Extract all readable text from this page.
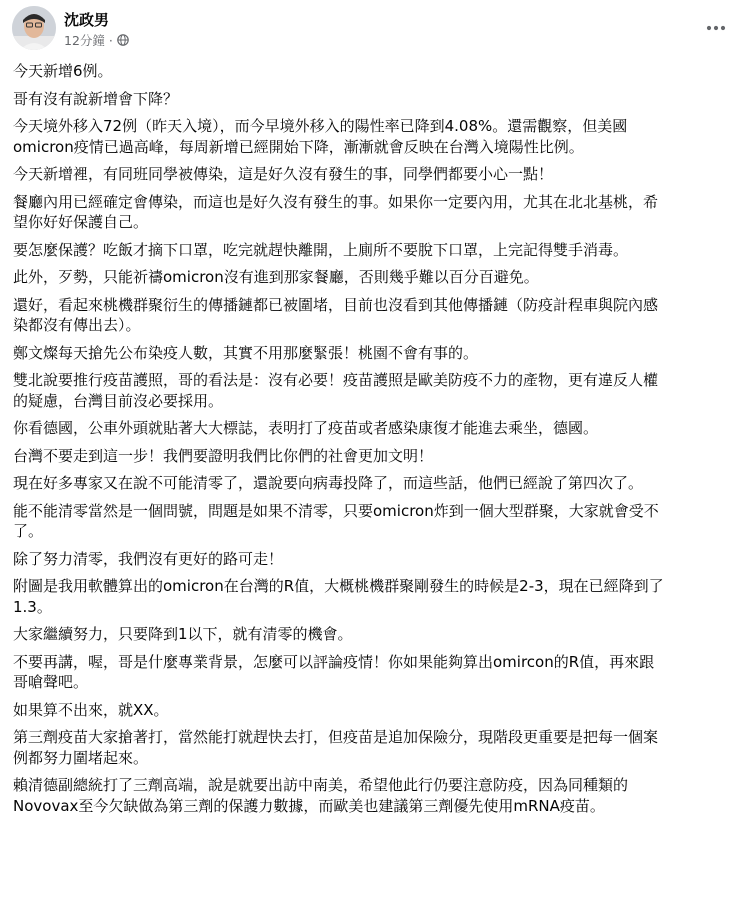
沈政男
12分鐘 ·

今天新增6例。

哥有沒有說新增會下降？

今天境外移入72例（昨天入境），而今早境外移入的陽性率已降到4.08%。還需觀察，但美國
omicron疫情已過高峰，每周新增已經開始下降，漸漸就會反映在台灣入境陽性比例。

今天新增裡，有同班同學被傳染，這是好久沒有發生的事，同學們都要小心一點！

餐廳內用已經確定會傳染，而這也是好久沒有發生的事。如果你一定要內用，尤其在北北基桃，希
望你好好保護自己。

要怎麼保護？吃飯才摘下口罩，吃完就趕快離開，上廁所不要脫下口罩，上完記得雙手消毒。

此外，歹勢，只能祈禱omicron沒有進到那家餐廳，否則幾乎難以百分百避免。

還好，看起來桃機群聚衍生的傳播鏈都已被圍堵，目前也沒看到其他傳播鏈（防疫計程車與院內感
染都沒有傳出去）。

鄭文燦每天搶先公布染疫人數，其實不用那麼緊張！桃園不會有事的。

雙北說要推行疫苗護照，哥的看法是：沒有必要！疫苗護照是歐美防疫不力的產物，更有違反人權
的疑慮，台灣目前沒必要採用。

你看德國，公車外頭就貼著大大標誌，表明打了疫苗或者感染康復才能進去乘坐，德國。

台灣不要走到這一步！我們要證明我們比你們的社會更加文明！

現在好多專家又在說不可能清零了，還說要向病毒投降了，而這些話，他們已經說了第四次了。

能不能清零當然是一個問號，問題是如果不清零，只要omicron炸到一個大型群聚，大家就會受不
了。

除了努力清零，我們沒有更好的路可走！

附圖是我用軟體算出的omicron在台灣的R值，大概桃機群聚剛發生的時候是2-3，現在已經降到了
1.3。

大家繼續努力，只要降到1以下，就有清零的機會。

不要再講，喔，哥是什麼專業背景，怎麼可以評論疫情！你如果能夠算出omircon的R值，再來跟
哥嗆聲吧。

如果算不出來，就XX。

第三劑疫苗大家搶著打，當然能打就趕快去打，但疫苗是追加保險分，現階段更重要是把每一個案
例都努力圍堵起來。

賴清德副總統打了三劑高端，說是就要出訪中南美，希望他此行仍要注意防疫，因為同種類的
Novovax至今欠缺做為第三劑的保護力數據，而歐美也建議第三劑優先使用mRNA疫苗。
